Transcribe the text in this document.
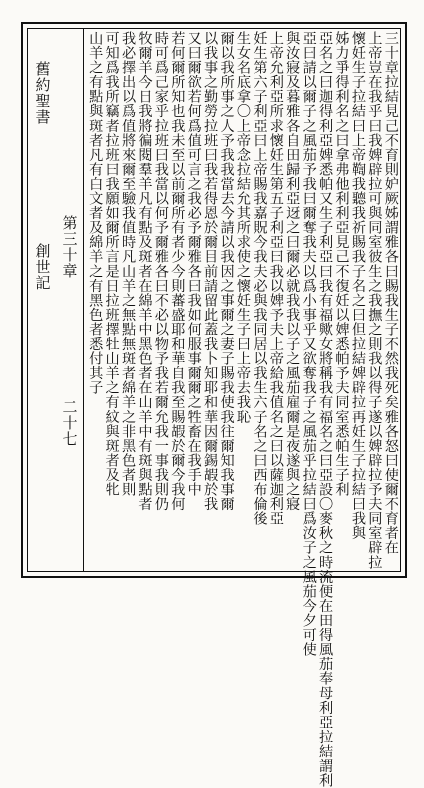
舊約聖書
創世記 第三十章
二十七	三十章拉結見己不育則妒厥姊謂雅各曰賜我生子不然我死矣雅各怒曰使爾不育者在
上帝豈在我乎曰我婢辟拉可與同室彼生之我撫之則我以得子遂以婢辟拉予夫同室辟拉
懷妊生子拉結曰上帝鞫我聽我祈賜我子名之曰但拉結婢辟拉再妊生子拉結曰我與
姊力爭得利名之曰拿弗他利利亞見己不復妊以婢悉帕予夫同室悉帕生子利
亞名之曰迦得利亞婢悉帕又生子利亞曰我有福歟女將稱我有福名之曰亞設〇麥秋之時流便在田得風茄奉母利亞拉結謂利
亞曰請以爾子之風茄予我曰爾奪我夫以爲小事乎又欲奪我子之風茄乎拉結曰爲汝子之風茄今夕可使
與汝寢及暮雅各自田歸利亞迓之曰爾必就我我以子之風茄雇爾是夜遂與之寢
上帝允利亞所求懷妊生第五子利亞曰我以婢予夫上帝給我值名之曰以薩迦利亞
妊生第六子利亞曰上帝賜我嘉貺今我夫必與我同居以我生六子名之曰西布倫後
生女名底拿〇上帝念拉結允其所求使之懷妊生子曰上帝去我恥
爾以我所事之人予我我當去今請以我因之事爾之妻子賜我使我往爾知我事爾
以我事之勤勞拉班曰我若得恩於爾目前請留此蓋我卜知耶和華因爾錫嘏於我
又曰爾欲若何爲值可言之我必予爾雅各曰我如何服事爾爾之牲畜在我手中
若何爾所知也我未至以前爾所有者少今則蕃盛耶和華自我至賜嘏於爾今我何
時可爲己家乎拉班曰我當以何予爾雅各曰不必以物予我若爾允我一事我則仍
牧爾羊今日我將徧閱羣羊凡有點及斑者在綿羊中黑色者在山羊中有斑與點者
我必擇出以爲值將來爾至驗我值時凡山羊之無點無斑者綿羊之非黑色者則
可知爲我所竊者拉班曰我願如爾所言是日拉班擇牡山羊之有紋與斑者及牝
山羊之有點與斑者凡有白文者及綿羊之有黑色者悉付其子
